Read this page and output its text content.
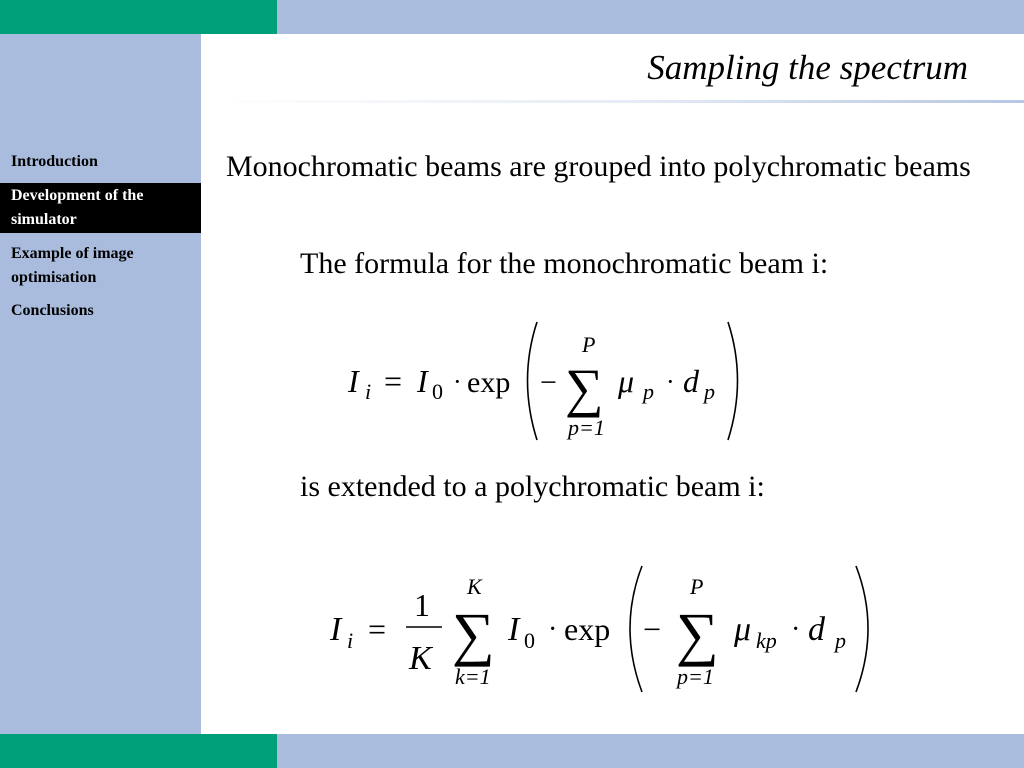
Introduction
Development of the simulator
Example of image optimisation
Conclusions
Sampling the spectrum
Monochromatic beams are grouped into polychromatic beams
The formula for the monochromatic beam i:
is extended to a polychromatic beam i:
I i = I 0 · exp − ∑
P
p=1
μ p · d p
I i =
1
K ∑
K
k=1
I 0 · exp − ∑
P
p=1
μ kp · d p
